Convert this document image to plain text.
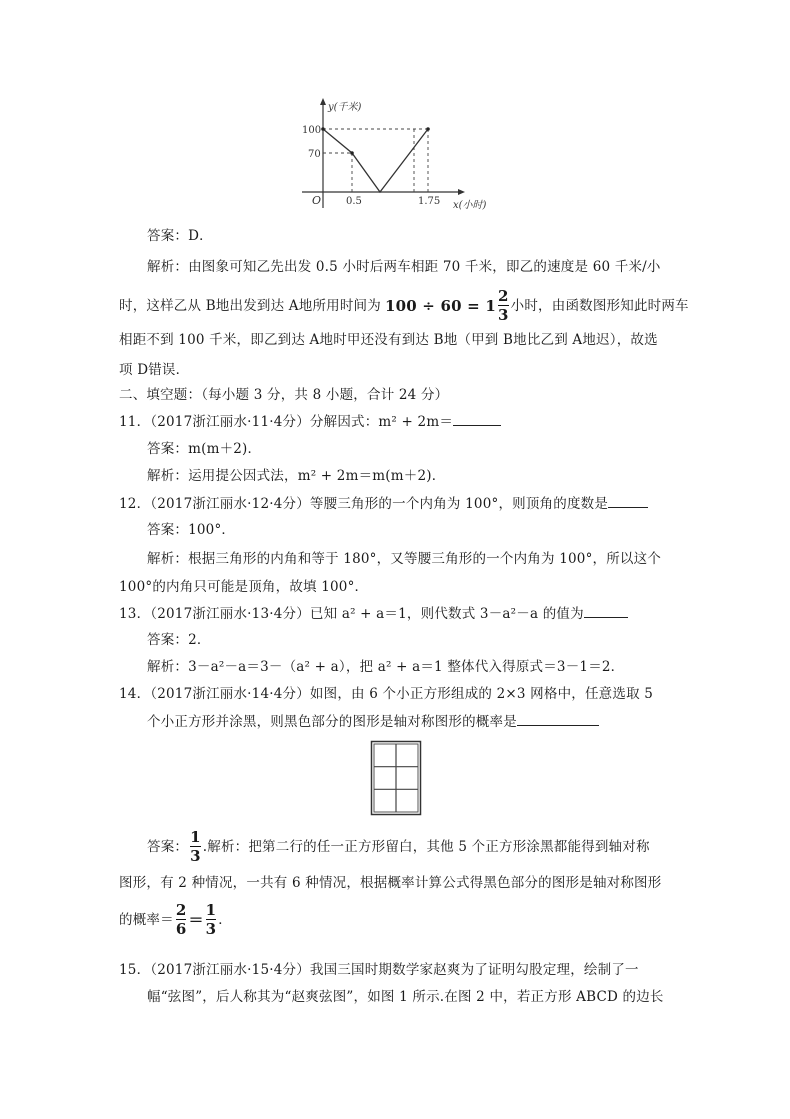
y(千米)
x(小时)
O
100
70
0.5	1.75
答案：D．
解析：由图象可知乙先出发 0.5 小时后两车相距 70 千米，即乙的速度是 60 千米/小
时，这样乙从 B地出发到达 A地所用时间为 $100 \div 60 = 1 \frac{2}{3}$ 小时，由函数图形知此时两车
相距不到 100 千米，即乙到达 A地时甲还没有到达 B地（甲到 B地比乙到 A地迟），故选
项 D错误．
二、填空题：（每小题 3 分，共 8 小题，合计 24 分）
11．（2017浙江丽水·11·4分）分解因式：m² + 2m＝
答案：m(m＋2)．
解析：运用提公因式法，m² + 2m＝m(m＋2)．
12．（2017浙江丽水·12·4分）等腰三角形的一个内角为 100°，则顶角的度数是
答案：100°．
解析：根据三角形的内角和等于 180°，又等腰三角形的一个内角为 100°，所以这个
100°的内角只可能是顶角，故填 100°．
13．（2017浙江丽水·13·4分）已知 a² + a＝1，则代数式 3－a²－a 的值为
答案：2．
解析：3－a²－a＝3－（a² + a），把 a² + a＝1 整体代入得原式＝3－1＝2．
14．（2017浙江丽水·14·4分）如图，由 6 个小正方形组成的 2×3 网格中，任意选取 5
个小正方形并涂黑，则黑色部分的图形是轴对称图形的概率是
答案： $\frac{1}{3}$ .解析：把第二行的任一正方形留白，其他 5 个正方形涂黑都能得到轴对称
图形，有 2 种情况，一共有 6 种情况，根据概率计算公式得黑色部分的图形是轴对称图形
的概率＝ $\frac{2}{6} = \frac{1}{3}$ ．
15．（2017浙江丽水·15·4分）我国三国时期数学家赵爽为了证明勾股定理，绘制了一
幅“弦图”，后人称其为“赵爽弦图”，如图 1 所示.在图 2 中，若正方形 ABCD 的边长
